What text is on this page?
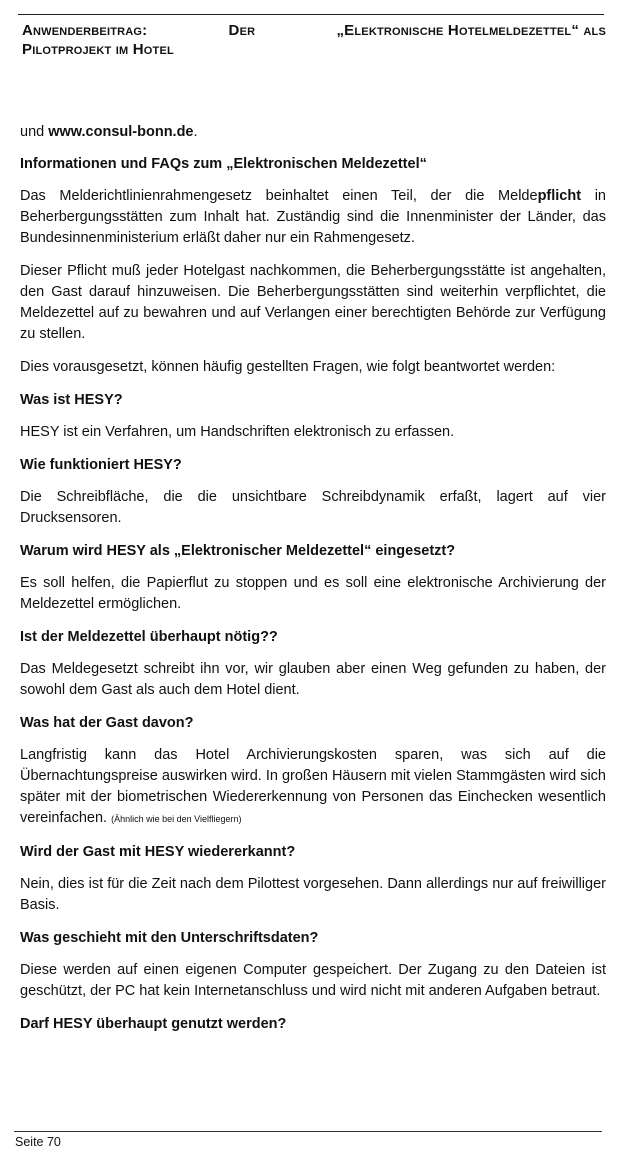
Anwenderbeitrag:	Der	„Elektronische Hotelmeldezettel“ als
Pilotprojekt im Hotel

und www.consul-bonn.de.

Informationen und FAQs zum „Elektronischen Meldezettel“

Das Melderichtlinienrahmengesetz beinhaltet einen Teil, der die Meldepflicht in Beherbergungsstätten zum Inhalt hat. Zuständig sind die Innenminister der Länder, das Bundesinnenministerium erläßt daher nur ein Rahmengesetz.

Dieser Pflicht muß jeder Hotelgast nachkommen, die Beherbergungsstätte ist angehalten, den Gast darauf hinzuweisen. Die Beherbergungsstätten sind weiterhin verpflichtet, die Meldezettel auf zu bewahren und auf Verlangen einer berechtigten Behörde zur Verfügung zu stellen.

Dies vorausgesetzt, können häufig gestellten Fragen, wie folgt beantwortet werden:

Was ist HESY?

HESY ist ein Verfahren, um Handschriften elektronisch zu erfassen.

Wie funktioniert HESY?

Die Schreibfläche, die die unsichtbare Schreibdynamik erfaßt, lagert auf vier Drucksensoren.

Warum wird HESY als „Elektronischer Meldezettel“ eingesetzt?

Es soll helfen, die Papierflut zu stoppen und es soll eine elektronische Archivierung der Meldezettel ermöglichen.

Ist der Meldezettel überhaupt nötig??

Das Meldegesetzt schreibt ihn vor, wir glauben aber einen Weg gefunden zu haben, der sowohl dem Gast als auch dem Hotel dient.

Was hat der Gast davon?

Langfristig kann das Hotel Archivierungskosten sparen, was sich auf die Übernachtungspreise auswirken wird. In großen Häusern mit vielen Stammgästen wird sich später mit der biometrischen Wiedererkennung von Personen das Einchecken wesentlich vereinfachen. (Ähnlich wie bei den Vielfliegern)

Wird der Gast mit HESY wiedererkannt?

Nein, dies ist für die Zeit nach dem Pilottest vorgesehen. Dann allerdings nur auf freiwilliger Basis.

Was geschieht mit den Unterschriftsdaten?

Diese werden auf einen eigenen Computer gespeichert. Der Zugang zu den Dateien ist geschützt, der PC hat kein Internetanschluss und wird nicht mit anderen Aufgaben betraut.

Darf HESY überhaupt genutzt werden?
Seite 70
